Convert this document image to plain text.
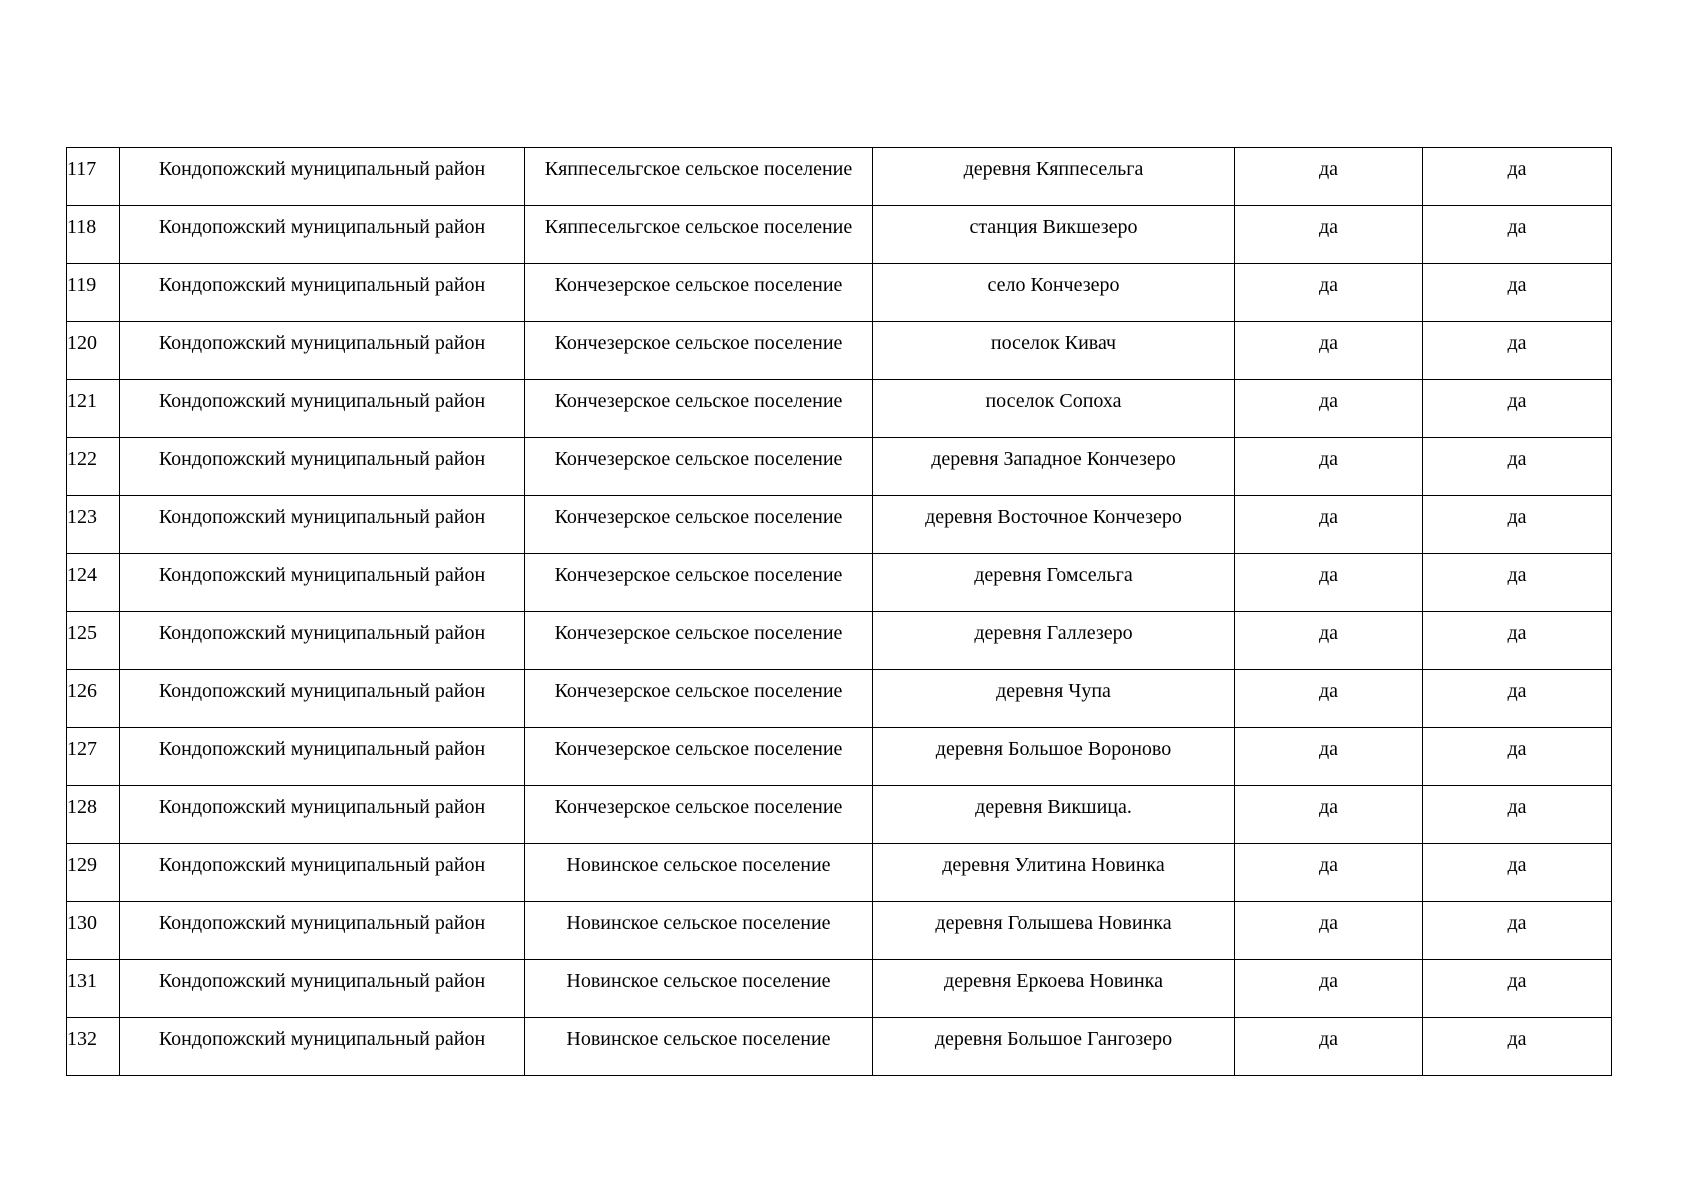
117	Кондопожский муниципальный район	Кяппесельгское сельское поселение	деревня Кяппесельга	да	да
118	Кондопожский муниципальный район	Кяппесельгское сельское поселение	станция Викшезеро	да	да
119	Кондопожский муниципальный район	Кончезерское сельское поселение	село Кончезеро	да	да
120	Кондопожский муниципальный район	Кончезерское сельское поселение	поселок Кивач	да	да
121	Кондопожский муниципальный район	Кончезерское сельское поселение	поселок Сопоха	да	да
122	Кондопожский муниципальный район	Кончезерское сельское поселение	деревня Западное Кончезеро	да	да
123	Кондопожский муниципальный район	Кончезерское сельское поселение	деревня Восточное Кончезеро	да	да
124	Кондопожский муниципальный район	Кончезерское сельское поселение	деревня Гомсельга	да	да
125	Кондопожский муниципальный район	Кончезерское сельское поселение	деревня Галлезеро	да	да
126	Кондопожский муниципальный район	Кончезерское сельское поселение	деревня Чупа	да	да
127	Кондопожский муниципальный район	Кончезерское сельское поселение	деревня Большое Вороново	да	да
128	Кондопожский муниципальный район	Кончезерское сельское поселение	деревня Викшица.	да	да
129	Кондопожский муниципальный район	Новинское сельское поселение	деревня Улитина Новинка	да	да
130	Кондопожский муниципальный район	Новинское сельское поселение	деревня Голышева Новинка	да	да
131	Кондопожский муниципальный район	Новинское сельское поселение	деревня Еркоева Новинка	да	да
132	Кондопожский муниципальный район	Новинское сельское поселение	деревня Большое Гангозеро	да	да
